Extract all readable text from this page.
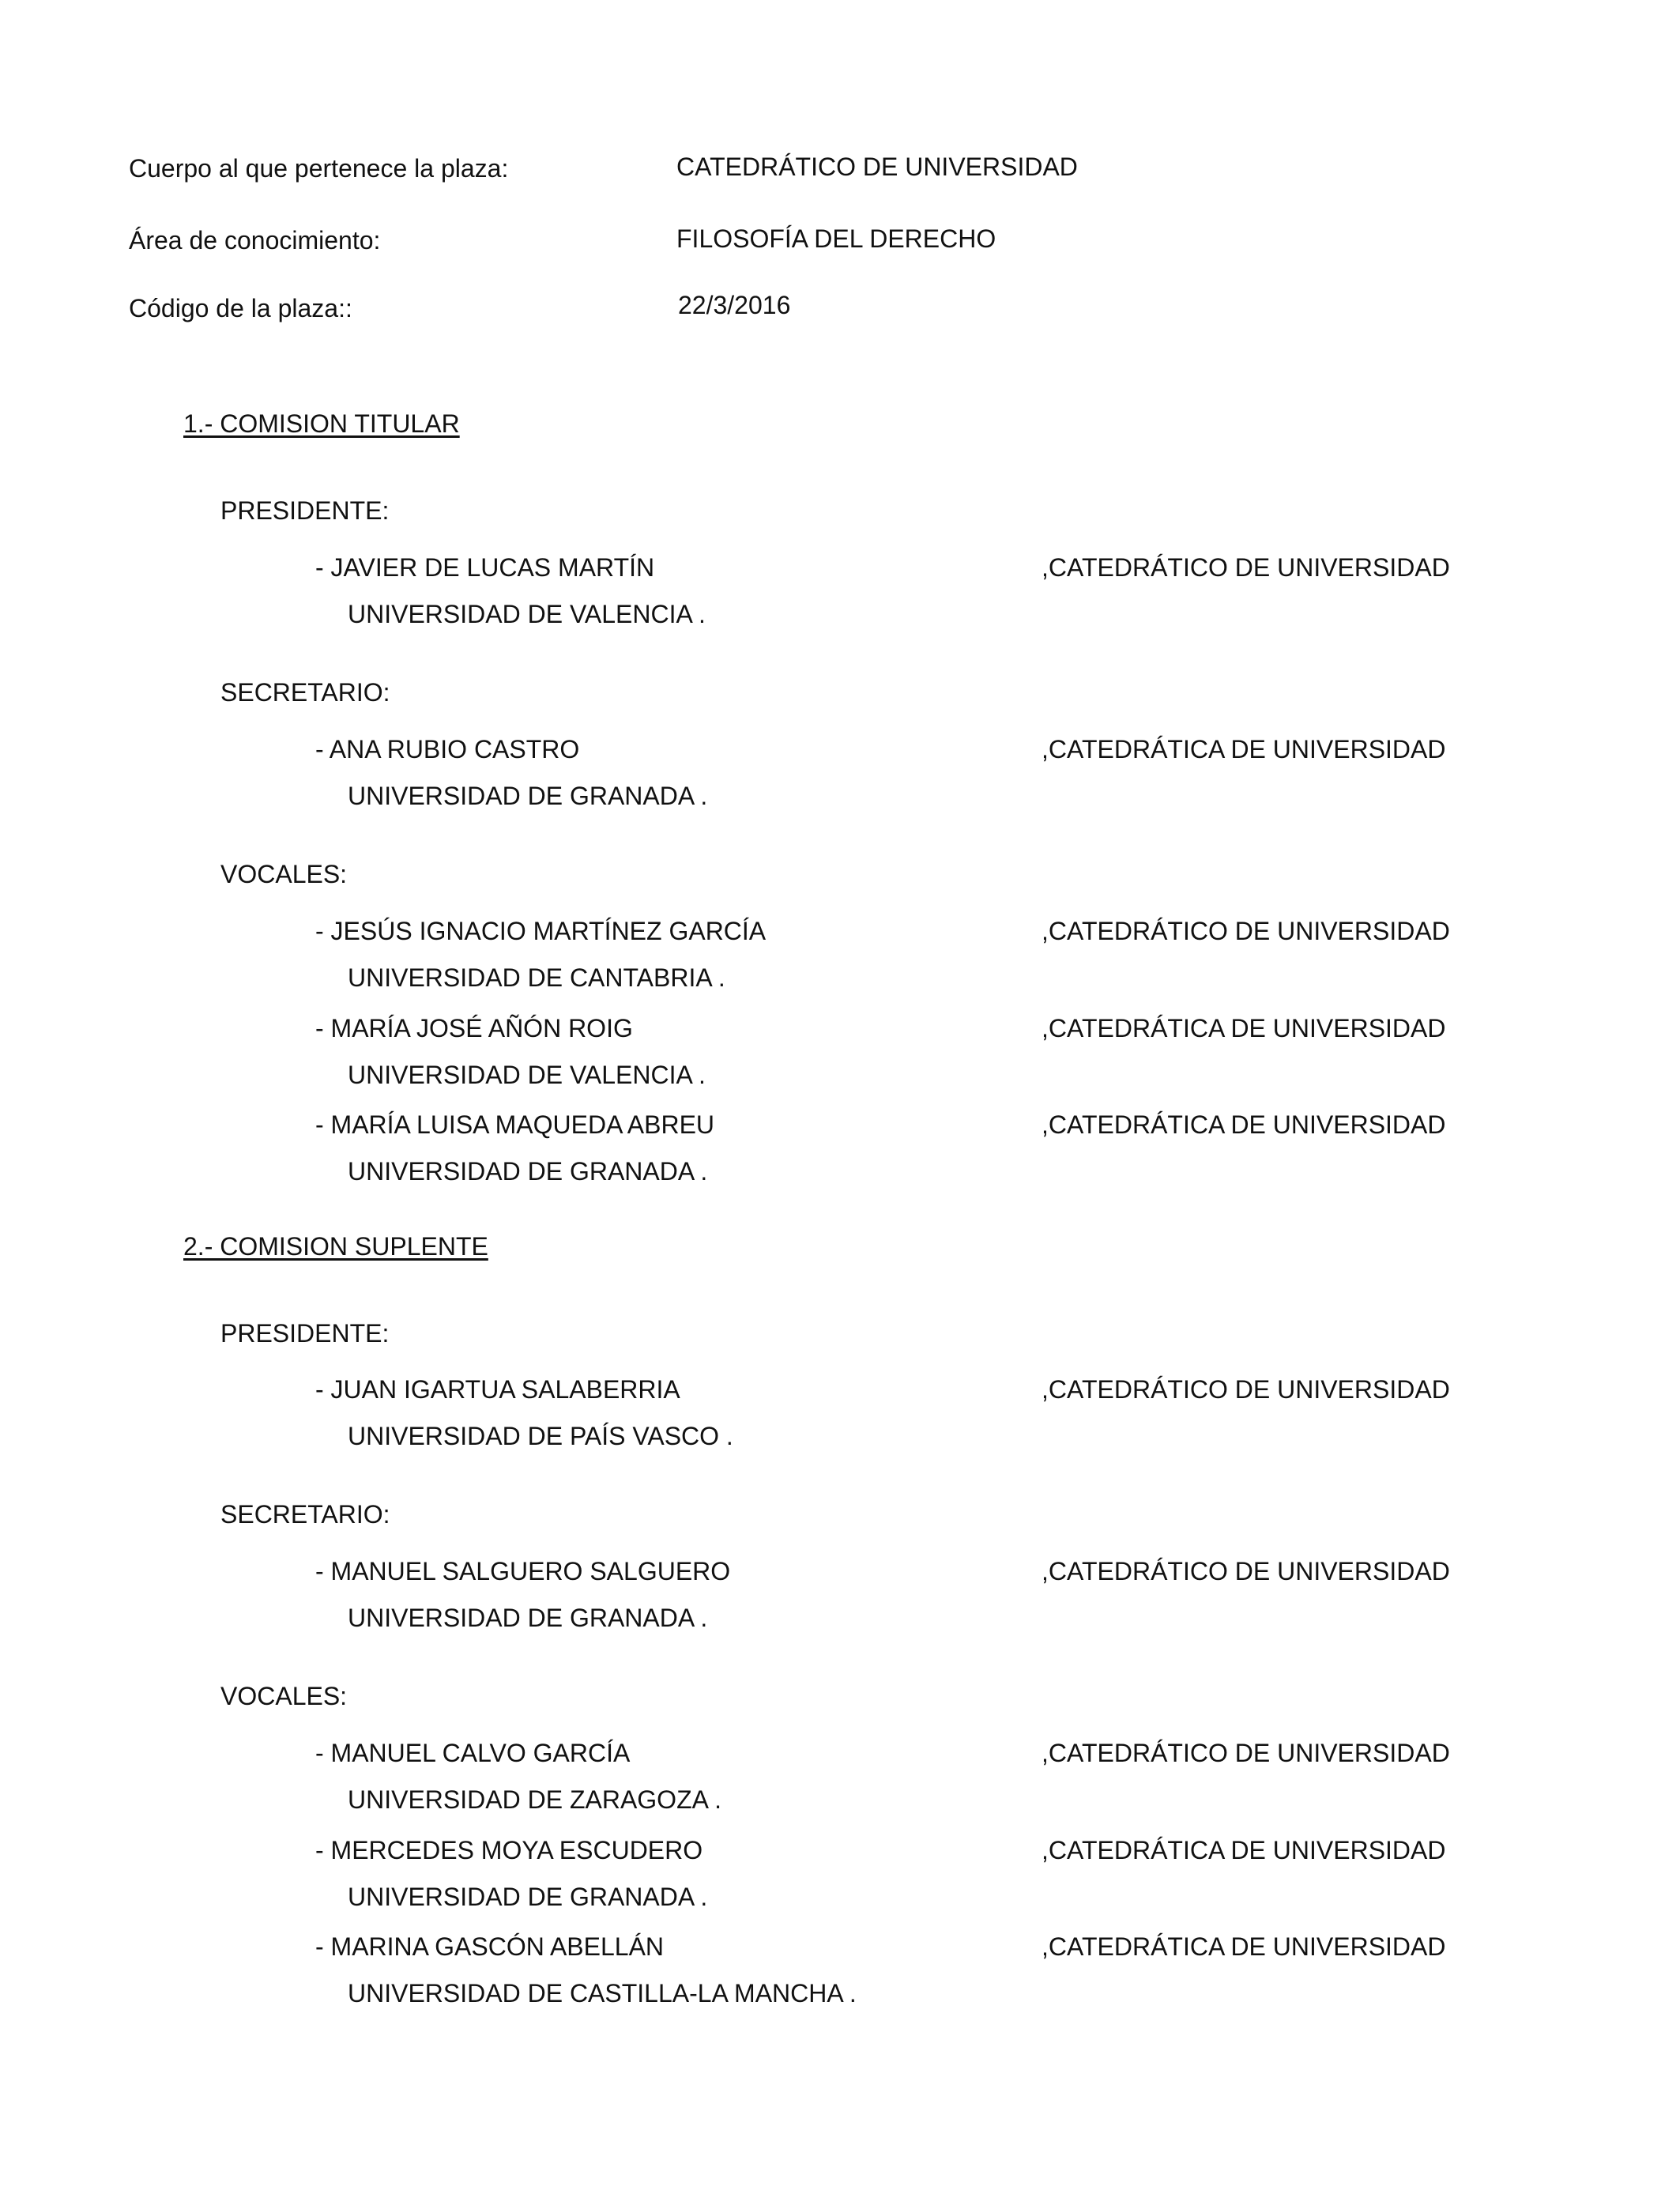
Cuerpo al que pertenece la plaza:	CATEDRÁTICO DE UNIVERSIDAD
Área de conocimiento:	FILOSOFÍA DEL DERECHO
Código de la plaza::	22/3/2016
1.- COMISION TITULAR
PRESIDENTE:
- JAVIER DE LUCAS MARTÍN	,CATEDRÁTICO DE UNIVERSIDAD
UNIVERSIDAD DE VALENCIA .
SECRETARIO:
- ANA RUBIO CASTRO	,CATEDRÁTICA DE UNIVERSIDAD
UNIVERSIDAD DE GRANADA .
VOCALES:
- JESÚS IGNACIO MARTÍNEZ GARCÍA	,CATEDRÁTICO DE UNIVERSIDAD
UNIVERSIDAD DE CANTABRIA .
- MARÍA JOSÉ AÑÓN ROIG	,CATEDRÁTICA DE UNIVERSIDAD
UNIVERSIDAD DE VALENCIA .
- MARÍA LUISA MAQUEDA ABREU	,CATEDRÁTICA DE UNIVERSIDAD
UNIVERSIDAD DE GRANADA .
2.- COMISION SUPLENTE
PRESIDENTE:
- JUAN IGARTUA SALABERRIA	,CATEDRÁTICO DE UNIVERSIDAD
UNIVERSIDAD DE PAÍS VASCO .
SECRETARIO:
- MANUEL SALGUERO SALGUERO	,CATEDRÁTICO DE UNIVERSIDAD
UNIVERSIDAD DE GRANADA .
VOCALES:
- MANUEL CALVO GARCÍA	,CATEDRÁTICO DE UNIVERSIDAD
UNIVERSIDAD DE ZARAGOZA .
- MERCEDES MOYA ESCUDERO	,CATEDRÁTICA DE UNIVERSIDAD
UNIVERSIDAD DE GRANADA .
- MARINA GASCÓN ABELLÁN	,CATEDRÁTICA DE UNIVERSIDAD
UNIVERSIDAD DE CASTILLA-LA MANCHA .
